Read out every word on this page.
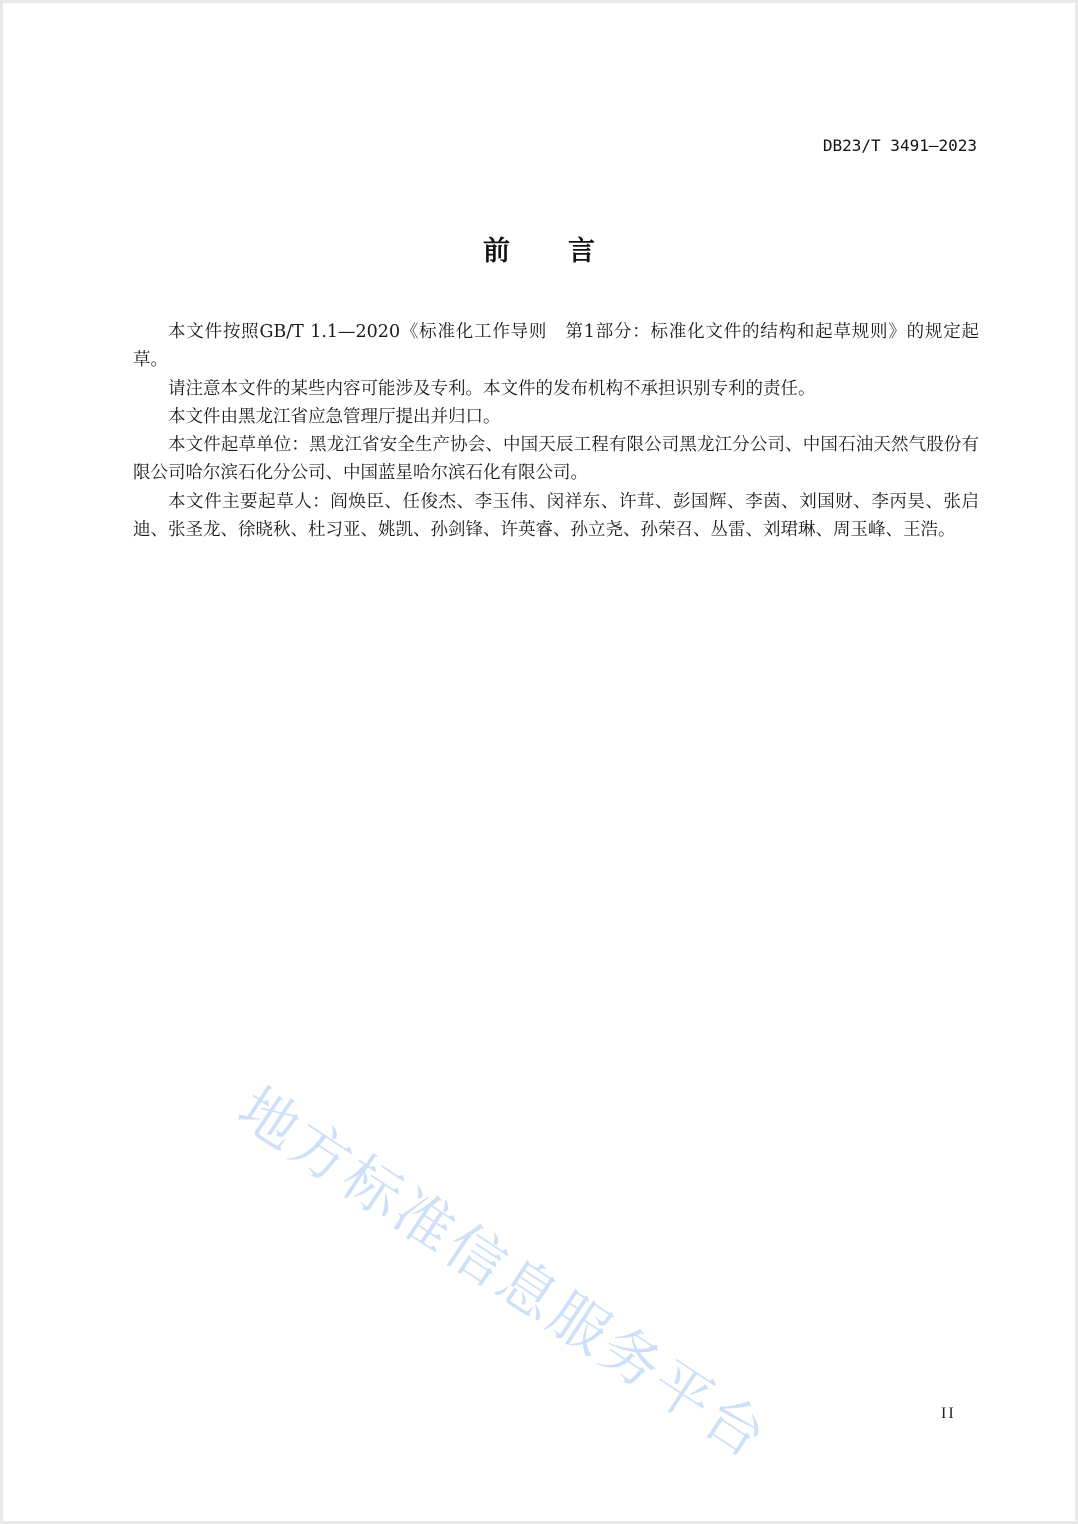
DB23/T 3491—2023
前 言

本文件按照GB/T 1.1—2020《标准化工作导则　第1部分：标准化文件的结构和起草规则》的规定起草。

请注意本文件的某些内容可能涉及专利。本文件的发布机构不承担识别专利的责任。

本文件由黑龙江省应急管理厅提出并归口。

本文件起草单位：黑龙江省安全生产协会、中国天辰工程有限公司黑龙江分公司、中国石油天然气股份有限公司哈尔滨石化分公司、中国蓝星哈尔滨石化有限公司。

本文件主要起草人：阎焕臣、任俊杰、李玉伟、闵祥东、许茸、彭国辉、李茵、刘国财、李丙昊、张启迪、张圣龙、徐晓秋、杜习亚、姚凯、孙剑锋、许英睿、孙立尧、孙荣召、丛雷、刘珺琳、周玉峰、王浩。

地方标准信息服务平台	II
